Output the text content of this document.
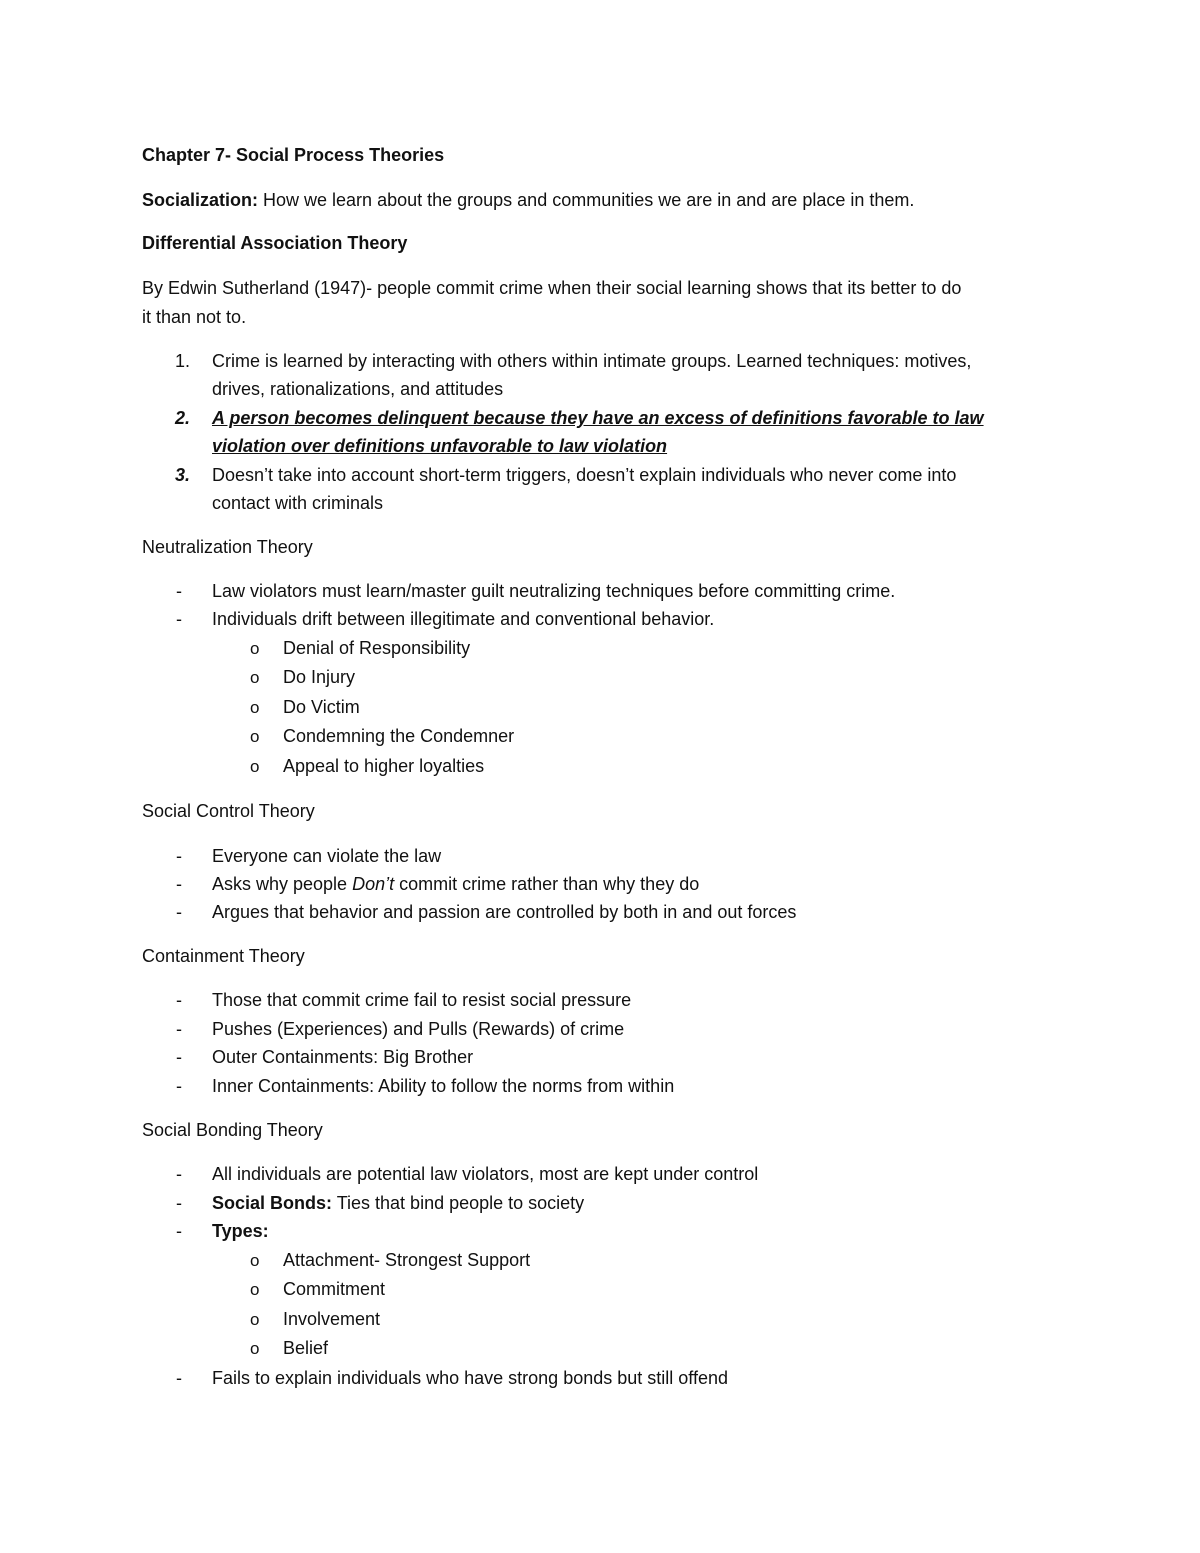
Chapter 7- Social Process Theories
Socialization: How we learn about the groups and communities we are in and are place in them.
Differential Association Theory
By Edwin Sutherland (1947)- people commit crime when their social learning shows that its better to do
it than not to.
1. Crime is learned by interacting with others within intimate groups. Learned techniques: motives,
drives, rationalizations, and attitudes
2. A person becomes delinquent because they have an excess of definitions favorable to law
violation over definitions unfavorable to law violation
3. Doesn’t take into account short-term triggers, doesn’t explain individuals who never come into
contact with criminals
Neutralization Theory
- Law violators must learn/master guilt neutralizing techniques before committing crime.
- Individuals drift between illegitimate and conventional behavior.
o Denial of Responsibility
o Do Injury
o Do Victim
o Condemning the Condemner
o Appeal to higher loyalties
Social Control Theory
- Everyone can violate the law
- Asks why people Don’t commit crime rather than why they do
- Argues that behavior and passion are controlled by both in and out forces
Containment Theory
- Those that commit crime fail to resist social pressure
- Pushes (Experiences) and Pulls (Rewards) of crime
- Outer Containments: Big Brother
- Inner Containments: Ability to follow the norms from within
Social Bonding Theory
- All individuals are potential law violators, most are kept under control
- Social Bonds: Ties that bind people to society
- Types:
o Attachment- Strongest Support
o Commitment
o Involvement
o Belief
- Fails to explain individuals who have strong bonds but still offend
